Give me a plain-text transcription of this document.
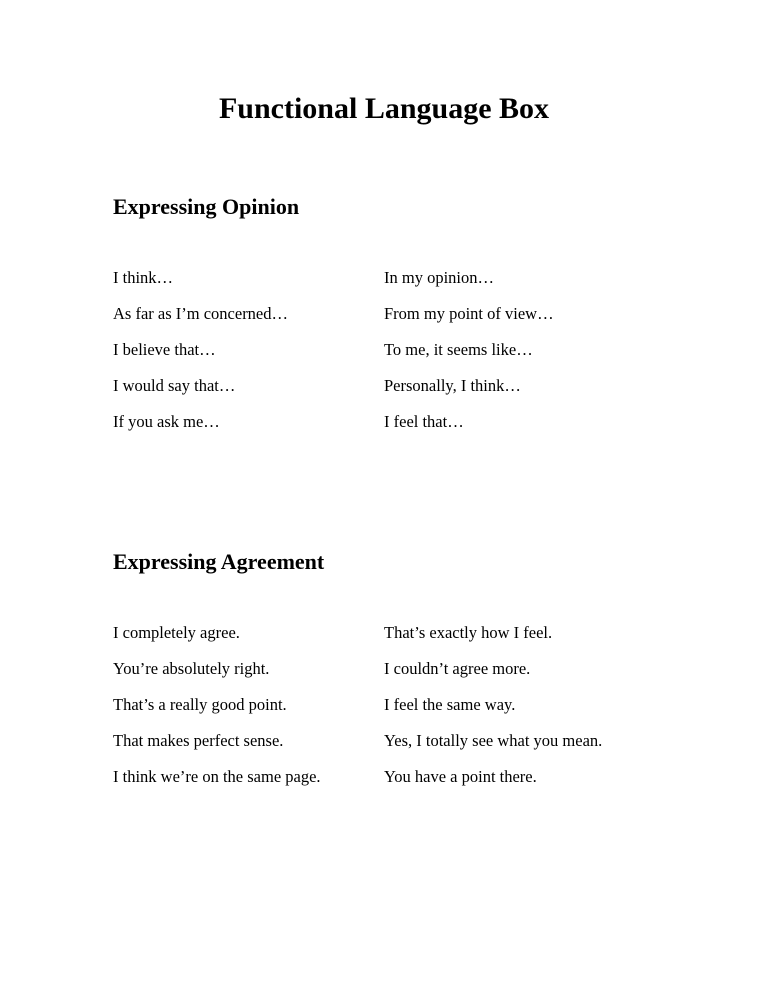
Functional Language Box
Expressing Opinion
I think…	In my opinion…
As far as I’m concerned…	From my point of view…
I believe that…	To me, it seems like…
I would say that…	Personally, I think…
If you ask me…	I feel that…
Expressing Agreement
I completely agree.	That’s exactly how I feel.
You’re absolutely right.	I couldn’t agree more.
That’s a really good point.	I feel the same way.
That makes perfect sense.	Yes, I totally see what you mean.
I think we’re on the same page.	You have a point there.
